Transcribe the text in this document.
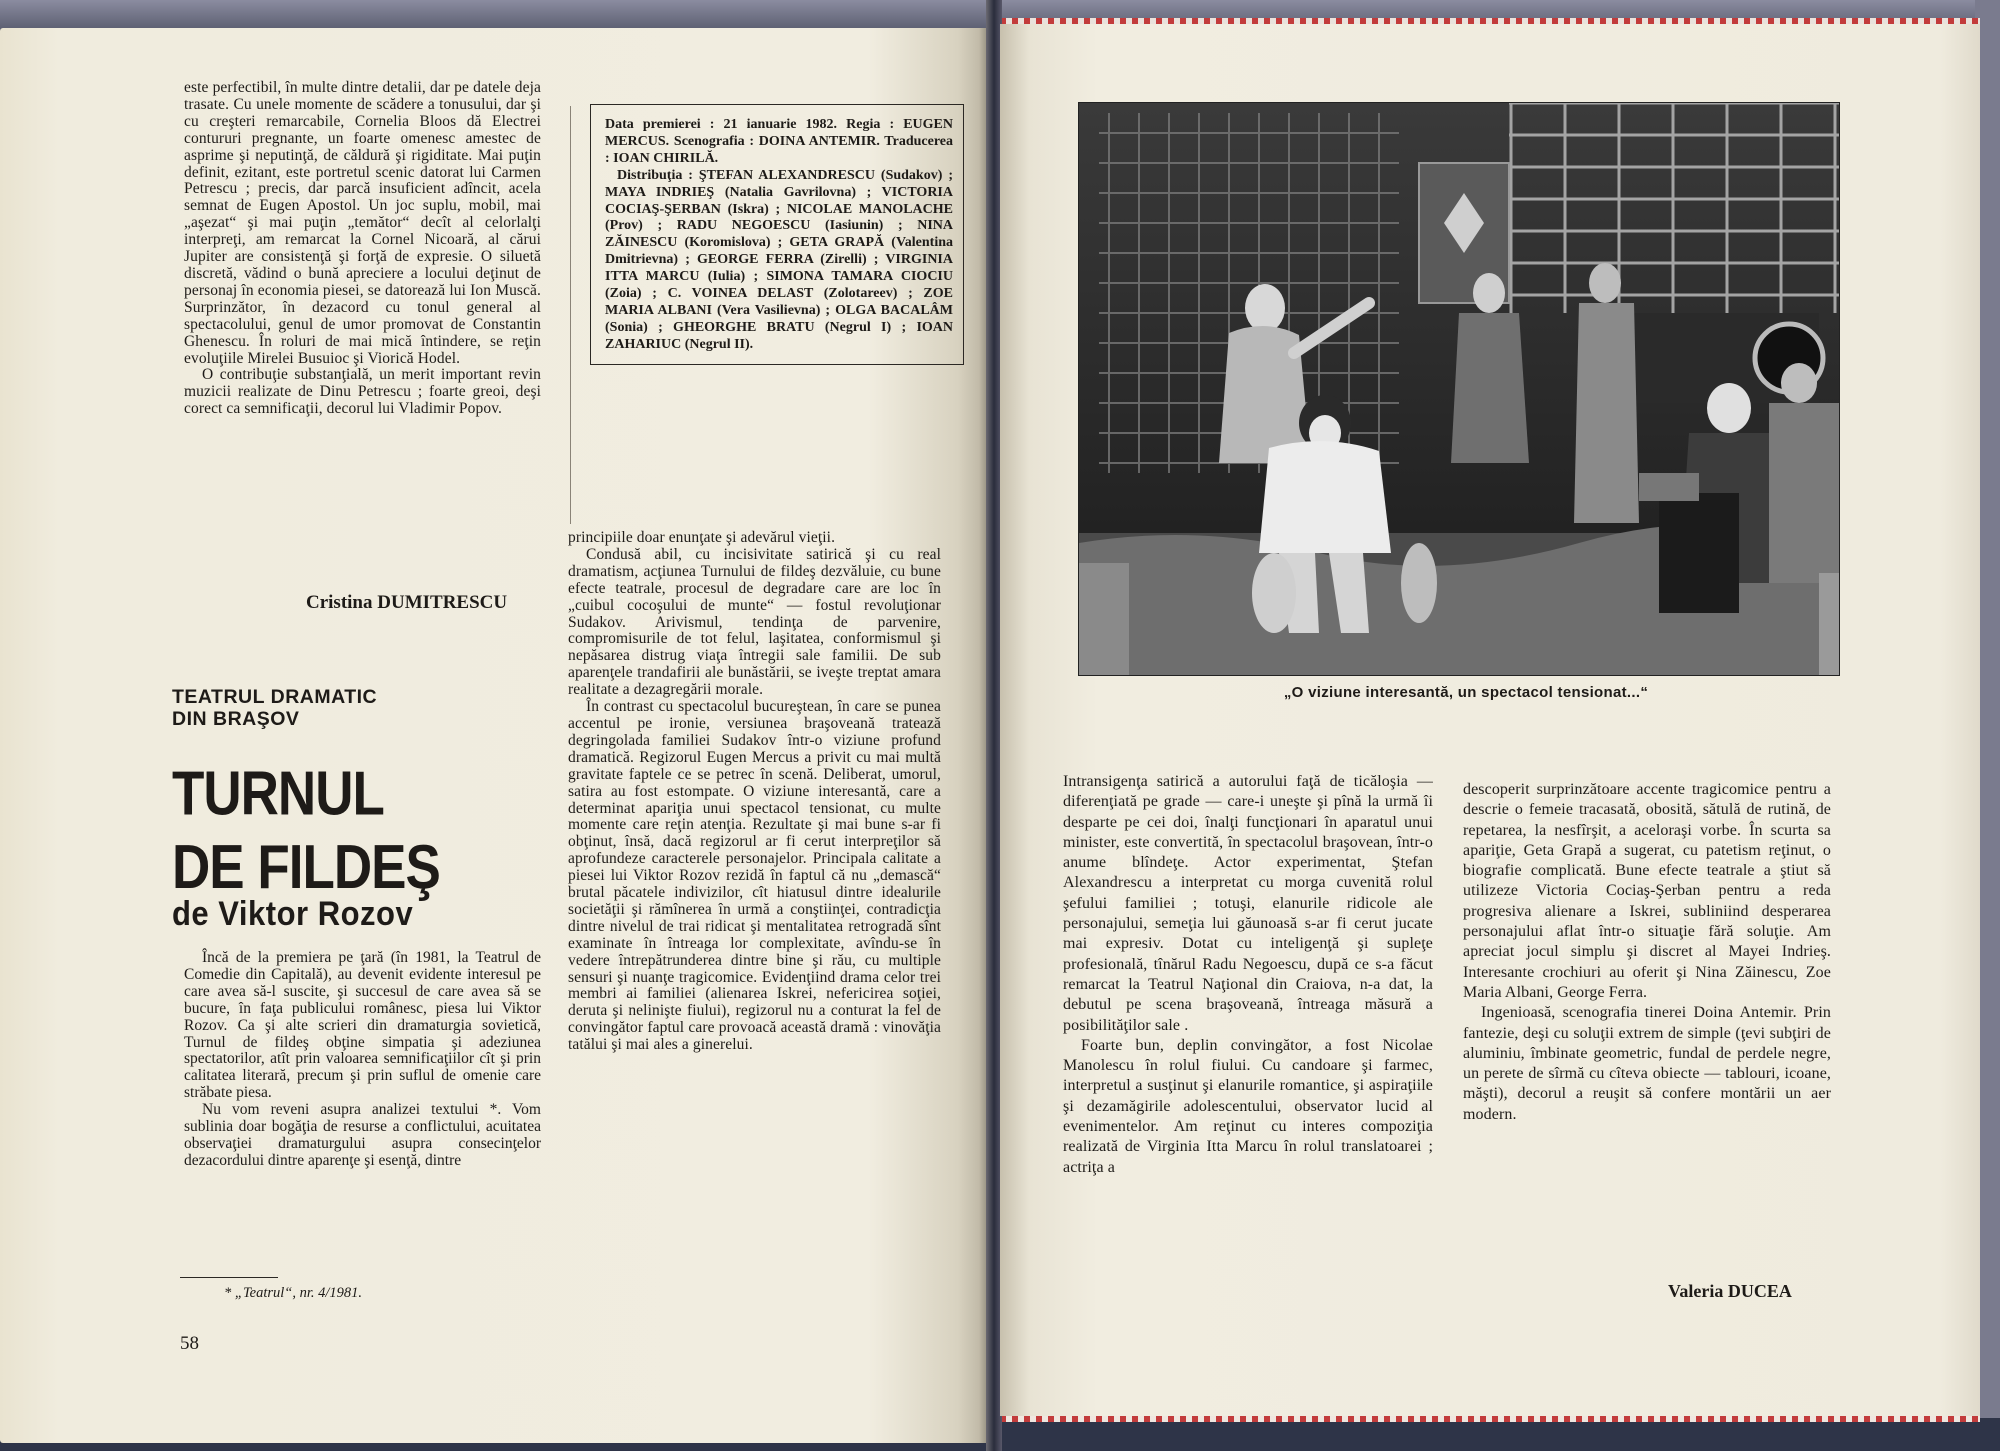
este perfectibil, în multe dintre detalii, dar pe datele deja trasate. Cu unele momente de scădere a tonusului, dar şi cu creşteri remarcabile, Cornelia Bloos dă Electrei contururi pregnante, un foarte omenesc amestec de asprime şi neputinţă, de căldură şi rigiditate. Mai puţin definit, ezitant, este portretul scenic datorat lui Carmen Petrescu ; precis, dar parcă insuficient adîncit, acela semnat de Eugen Apostol. Un joc suplu, mobil, mai „aşezat“ şi mai puţin „temător“ decît al celorlalţi interpreţi, am remarcat la Cornel Nicoară, al cărui Jupiter are consistenţă şi forţă de expresie. O siluetă discretă, vădind o bună apreciere a locului deţinut de personaj în economia piesei, se datorează lui Ion Muscă. Surprinzător, în dezacord cu tonul general al spectacolului, genul de umor promovat de Constantin Ghenescu. În roluri de mai mică întindere, se reţin evoluţiile Mirelei Busuioc şi Viorică Hodel.

O contribuţie substanţială, un merit important revin muzicii realizate de Dinu Petrescu ; foarte greoi, deşi corect ca semnificaţii, decorul lui Vladimir Popov.

Cristina DUMITRESCU

Data premierei : 21 ianuarie 1982. Regia : EUGEN MERCUS. Scenografia : DOINA ANTEMIR. Traducerea : IOAN CHIRILĂ.

Distribuţia : ŞTEFAN ALEXANDRESCU (Sudakov) ; MAYA INDRIEŞ (Natalia Gavrilovna) ; VICTORIA COCIAŞ-ŞERBAN (Iskra) ; NICOLAE MANOLACHE (Prov) ; RADU NEGOESCU (Iasiunin) ; NINA ZĂINESCU (Koromislova) ; GETA GRAPĂ (Valentina Dmitrievna) ; GEORGE FERRA (Zirelli) ; VIRGINIA ITTA MARCU (Iulia) ; SIMONA TAMARA CIOCIU (Zoia) ; C. VOINEA DELAST (Zolotareev) ; ZOE MARIA ALBANI (Vera Vasilievna) ; OLGA BACALÂM (Sonia) ; GHEORGHE BRATU (Negrul I) ; IOAN ZAHARIUC (Negrul II).

principiile doar enunţate şi adevărul vieţii.

Condusă abil, cu incisivitate satirică şi cu real dramatism, acţiunea Turnului de fildeş dezvăluie, cu bune efecte teatrale, procesul de degradare care are loc în „cuibul cocoşului de munte“ — fostul revoluţionar Sudakov. Arivismul, tendinţa de parvenire, compromisurile de tot felul, laşitatea, conformismul şi nepăsarea distrug viaţa întregii sale familii. De sub aparenţele trandafirii ale bunăstării, se iveşte treptat amara realitate a dezagregării morale.

În contrast cu spectacolul bucureştean, în care se punea accentul pe ironie, versiunea braşoveană tratează degringolada familiei Sudakov într-o viziune profund dramatică. Regizorul Eugen Mercus a privit cu mai multă gravitate faptele ce se petrec în scenă. Deliberat, umorul, satira au fost estompate. O viziune interesantă, care a determinat apariţia unui spectacol tensionat, cu multe momente care reţin atenţia. Rezultate şi mai bune s-ar fi obţinut, însă, dacă regizorul ar fi cerut interpreţilor să aprofundeze caracterele personajelor. Principala calitate a piesei lui Viktor Rozov rezidă în faptul că nu „demască“ brutal păcatele indivizilor, cît hiatusul dintre idealurile societăţii şi rămînerea în urmă a conştiinţei, contradicţia dintre nivelul de trai ridicat şi mentalitatea retrogradă sînt examinate în întreaga lor complexitate, avîndu-se în vedere întrepătrunderea dintre bine şi rău, cu multiple sensuri şi nuanţe tragicomice. Evidenţiind drama celor trei membri ai familiei (alienarea Iskrei, nefericirea soţiei, deruta şi nelinişte fiului), regizorul nu a conturat la fel de convingător faptul care provoacă această dramă : vinovăţia tatălui şi mai ales a ginerelui.

TEATRUL DRAMATIC
DIN BRAŞOV
TURNUL
DE FILDEŞ
de Viktor Rozov

Încă de la premiera pe ţară (în 1981, la Teatrul de Comedie din Capitală), au devenit evidente interesul pe care avea să-l suscite, şi succesul de care avea să se bucure, în faţa publicului românesc, piesa lui Viktor Rozov. Ca şi alte scrieri din dramaturgia sovietică, Turnul de fildeş obţine simpatia şi adeziunea spectatorilor, atît prin valoarea semnificaţiilor cît şi prin calitatea literară, precum şi prin suflul de omenie care străbate piesa.

Nu vom reveni asupra analizei textului *. Vom sublinia doar bogăţia de resurse a conflictului, acuitatea observaţiei dramaturgului asupra consecinţelor dezacordului dintre aparenţe şi esenţă, dintre

* „Teatrul“, nr. 4/1981.
58
„O viziune interesantă, un spectacol tensionat...“

Intransigenţa satirică a autorului faţă de ticăloşia — diferenţiată pe grade — care-i uneşte şi pînă la urmă îi desparte pe cei doi, înalţi funcţionari în aparatul unui minister, este convertită, în spectacolul braşovean, într-o anume blîndeţe. Actor experimentat, Ştefan Alexandrescu a interpretat cu morga cuvenită rolul şefului familiei ; totuşi, elanurile ridicole ale personajului, semeţia lui găunoasă s-ar fi cerut jucate mai expresiv. Dotat cu inteligenţă şi supleţe profesională, tînărul Radu Negoescu, după ce s-a făcut remarcat la Teatrul Naţional din Craiova, n-a dat, la debutul pe scena braşoveană, întreaga măsură a posibilităţilor sale .

Foarte bun, deplin convingător, a fost Nicolae Manolescu în rolul fiului. Cu candoare şi farmec, interpretul a susţinut şi elanurile romantice, şi aspiraţiile şi dezamăgirile adolescentului, observator lucid al evenimentelor. Am reţinut cu interes compoziţia realizată de Virginia Itta Marcu în rolul translatoarei ; actriţa a

descoperit surprinzătoare accente tragicomice pentru a descrie o femeie tracasată, obosită, sătulă de rutină, de repetarea, la nesfîrşit, a aceloraşi vorbe. În scurta sa apariţie, Geta Grapă a sugerat, cu patetism reţinut, o biografie complicată. Bune efecte teatrale a ştiut să utilizeze Victoria Cociaş-Şerban pentru a reda progresiva alienare a Iskrei, subliniind desperarea personajului aflat într-o situaţie fără soluţie. Am apreciat jocul simplu şi discret al Mayei Indrieş. Interesante crochiuri au oferit şi Nina Zăinescu, Zoe Maria Albani, George Ferra.

Ingenioasă, scenografia tinerei Doina Antemir. Prin fantezie, deşi cu soluţii extrem de simple (ţevi subţiri de aluminiu, îmbinate geometric, fundal de perdele negre, un perete de sîrmă cu cîteva obiecte — tablouri, icoane, măşti), decorul a reuşit să confere montării un aer modern.

Valeria DUCEA
